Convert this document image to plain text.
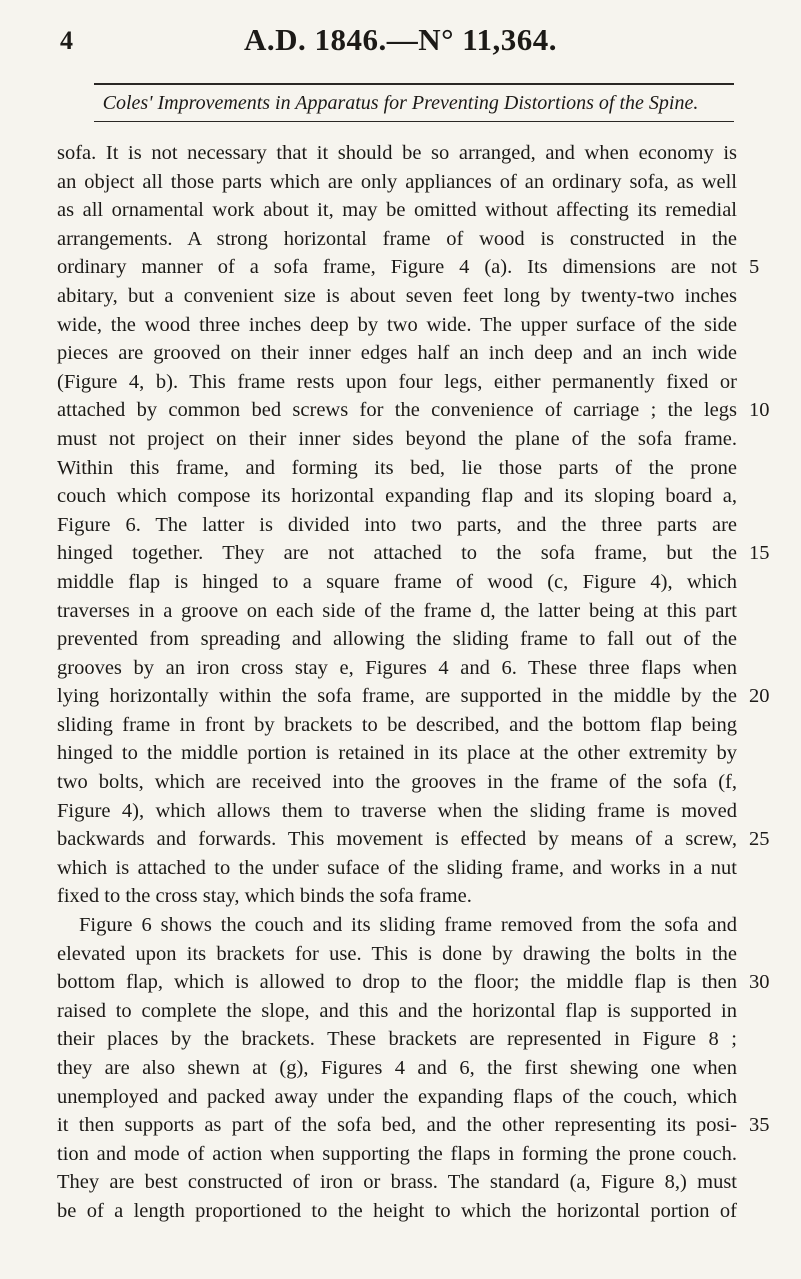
4	A.D. 1846.—N° 11,364.
Coles' Improvements in Apparatus for Preventing Distortions of the Spine.
sofa. It is not necessary that it should be so arranged, and when economy is
an object all those parts which are only appliances of an ordinary sofa, as well
as all ornamental work about it, may be omitted without affecting its remedial
arrangements. A strong horizontal frame of wood is constructed in the
ordinary manner of a sofa frame, Figure 4 (a). Its dimensions are not 5
abitary, but a convenient size is about seven feet long by twenty-two inches
wide, the wood three inches deep by two wide. The upper surface of the side
pieces are grooved on their inner edges half an inch deep and an inch wide
(Figure 4, b). This frame rests upon four legs, either permanently fixed or
attached by common bed screws for the convenience of carriage ; the legs 10
must not project on their inner sides beyond the plane of the sofa frame.
Within this frame, and forming its bed, lie those parts of the prone
couch which compose its horizontal expanding flap and its sloping board a,
Figure 6. The latter is divided into two parts, and the three parts are
hinged together. They are not attached to the sofa frame, but the 15
middle flap is hinged to a square frame of wood (c, Figure 4), which
traverses in a groove on each side of the frame d, the latter being at this part
prevented from spreading and allowing the sliding frame to fall out of the
grooves by an iron cross stay e, Figures 4 and 6. These three flaps when
lying horizontally within the sofa frame, are supported in the middle by the 20
sliding frame in front by brackets to be described, and the bottom flap being
hinged to the middle portion is retained in its place at the other extremity by
two bolts, which are received into the grooves in the frame of the sofa (f,
Figure 4), which allows them to traverse when the sliding frame is moved
backwards and forwards. This movement is effected by means of a screw, 25
which is attached to the under suface of the sliding frame, and works in a nut
fixed to the cross stay, which binds the sofa frame.
Figure 6 shows the couch and its sliding frame removed from the sofa and
elevated upon its brackets for use. This is done by drawing the bolts in the
bottom flap, which is allowed to drop to the floor; the middle flap is then 30
raised to complete the slope, and this and the horizontal flap is supported in
their places by the brackets. These brackets are represented in Figure 8 ;
they are also shewn at (g), Figures 4 and 6, the first shewing one when
unemployed and packed away under the expanding flaps of the couch, which
it then supports as part of the sofa bed, and the other representing its posi- 35
tion and mode of action when supporting the flaps in forming the prone couch.
They are best constructed of iron or brass. The standard (a, Figure 8,) must
be of a length proportioned to the height to which the horizontal portion of
